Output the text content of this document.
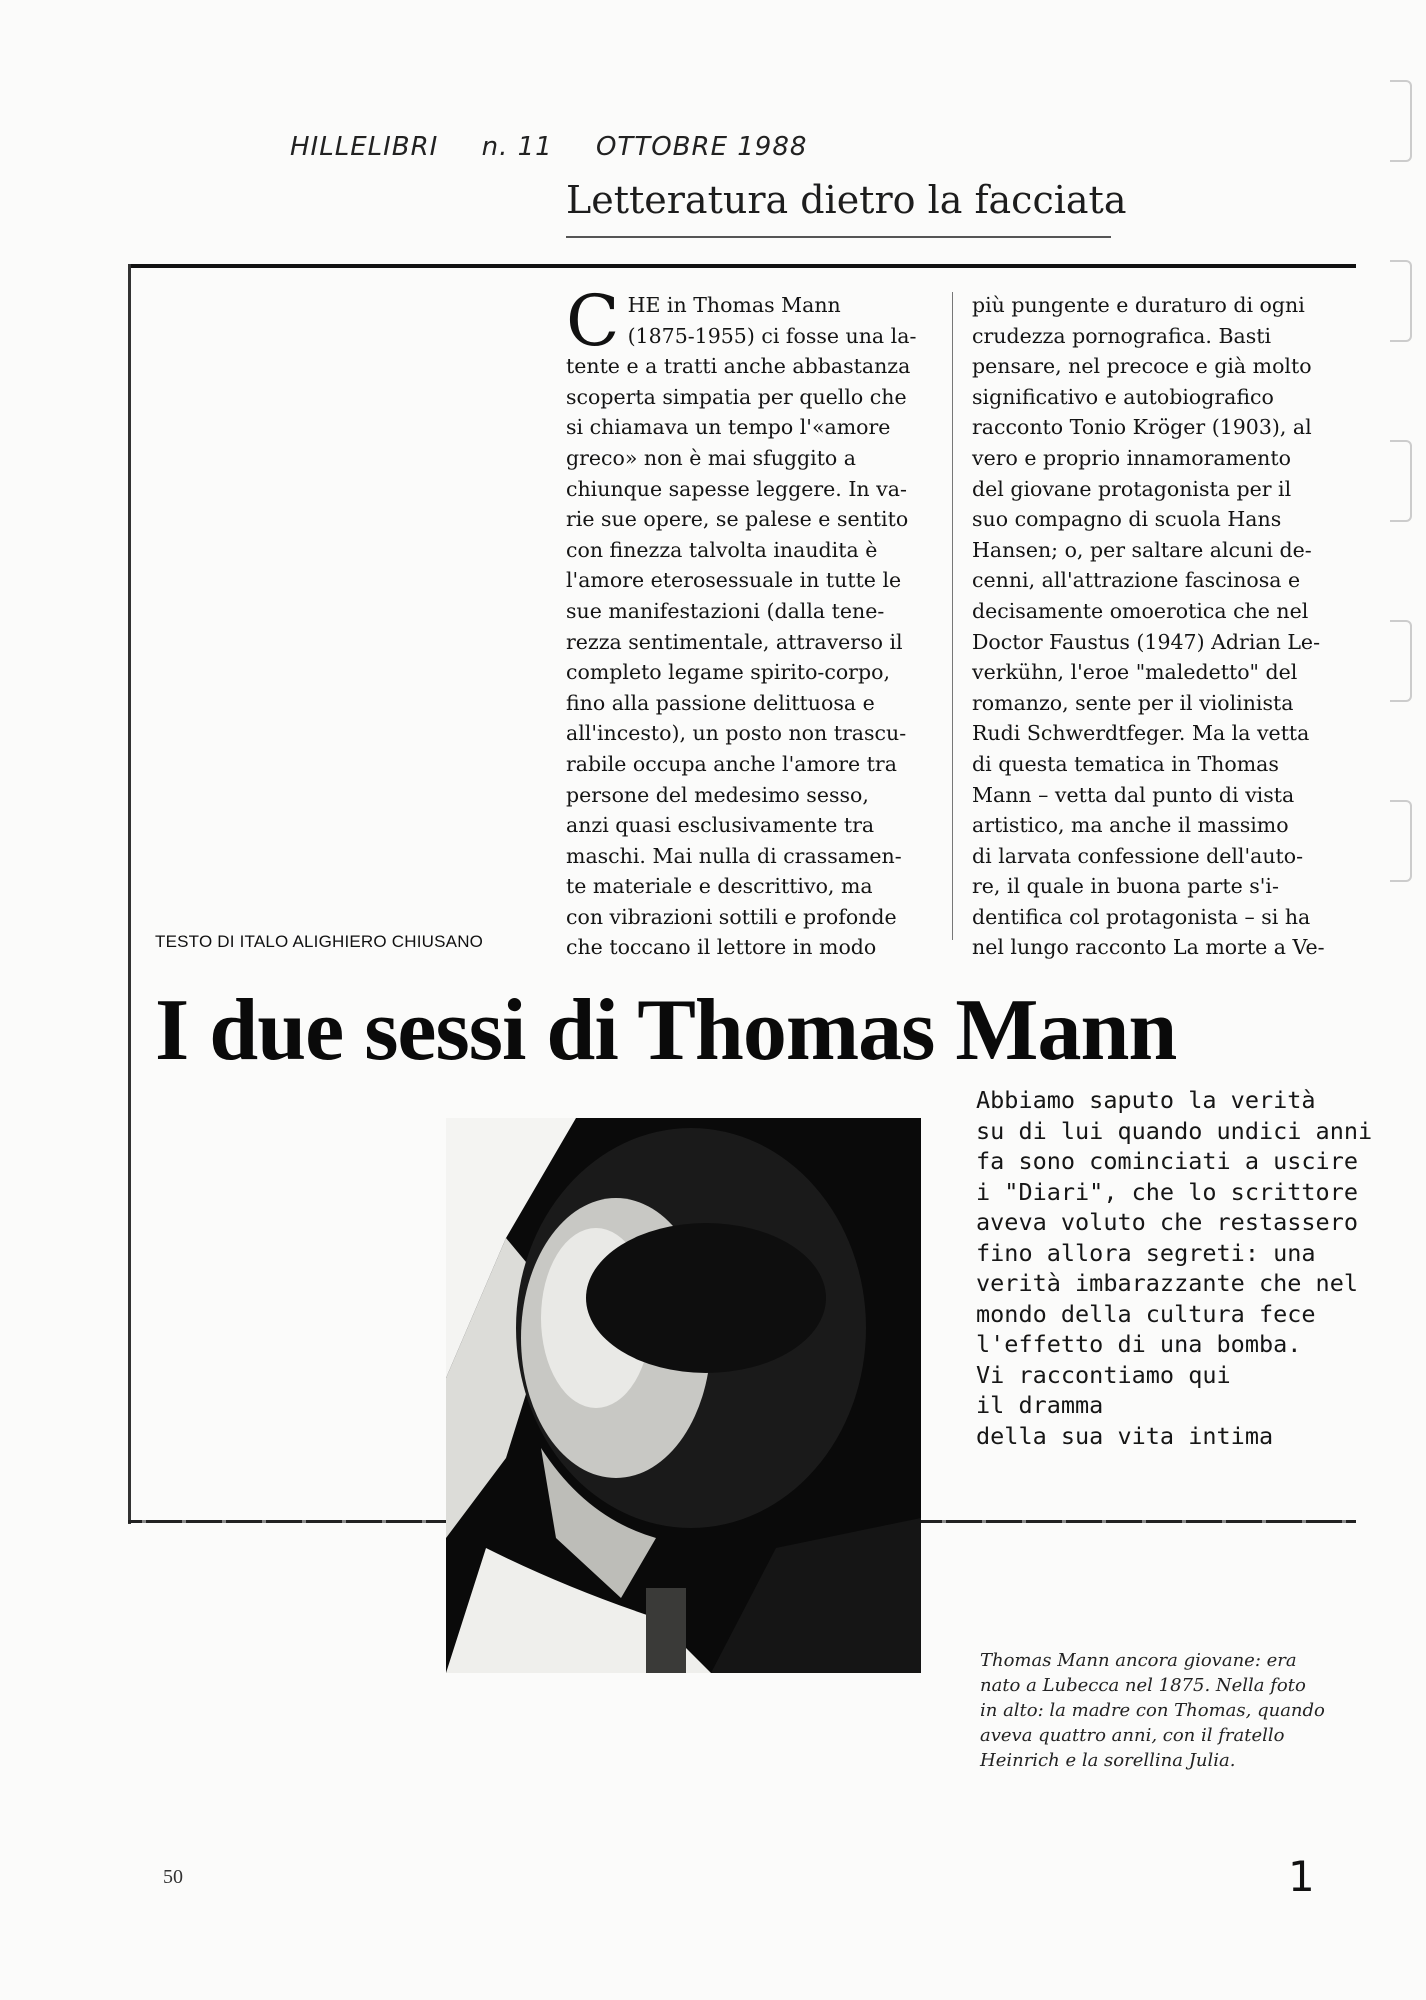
HILLELIBRI n. 11 OTTOBRE 1988
Letteratura dietro la facciata
TESTO DI ITALO ALIGHIERO CHIUSANO
C HE in Thomas Mann
(1875-1955) ci fosse una la-
tente e a tratti anche abbastanza
scoperta simpatia per quello che
si chiamava un tempo l'«amore
greco» non è mai sfuggito a
chiunque sapesse leggere. In va-
rie sue opere, se palese e sentito
con finezza talvolta inaudita è
l'amore eterosessuale in tutte le
sue manifestazioni (dalla tene-
rezza sentimentale, attraverso il
completo legame spirito-corpo,
fino alla passione delittuosa e
all'incesto), un posto non trascu-
rabile occupa anche l'amore tra
persone del medesimo sesso,
anzi quasi esclusivamente tra
maschi. Mai nulla di crassamen-
te materiale e descrittivo, ma
con vibrazioni sottili e profonde
che toccano il lettore in modo
più pungente e duraturo di ogni
crudezza pornografica. Basti
pensare, nel precoce e già molto
significativo e autobiografico
racconto Tonio Kröger (1903), al
vero e proprio innamoramento
del giovane protagonista per il
suo compagno di scuola Hans
Hansen; o, per saltare alcuni de-
cenni, all'attrazione fascinosa e
decisamente omoerotica che nel
Doctor Faustus (1947) Adrian Le-
verkühn, l'eroe "maledetto" del
romanzo, sente per il violinista
Rudi Schwerdtfeger. Ma la vetta
di questa tematica in Thomas
Mann – vetta dal punto di vista
artistico, ma anche il massimo
di larvata confessione dell'auto-
re, il quale in buona parte s'i-
dentifica col protagonista – si ha
nel lungo racconto La morte a Ve-
I due sessi di Thomas Mann
Abbiamo saputo la verità
su di lui quando undici anni
fa sono cominciati a uscire
i "Diari", che lo scrittore
aveva voluto che restassero
fino allora segreti: una
verità imbarazzante che nel
mondo della cultura fece
l'effetto di una bomba.
Vi raccontiamo qui
il dramma
della sua vita intima
Thomas Mann ancora giovane: era
nato a Lubecca nel 1875. Nella foto
in alto: la madre con Thomas, quando
aveva quattro anni, con il fratello
Heinrich e la sorellina Julia.
50	1
